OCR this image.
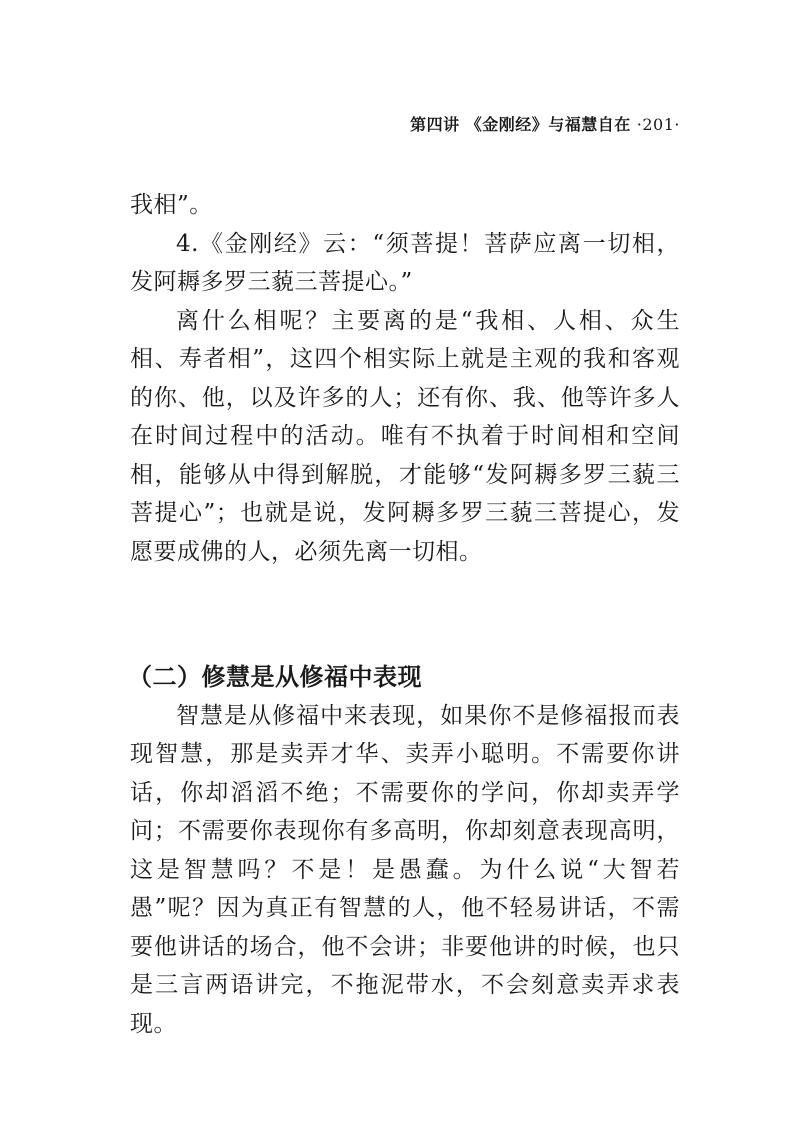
第四讲 《金刚经》与福慧自在 ·201·

我相”。

4.《金刚经》云：“须菩提！菩萨应离一切相，发阿耨多罗三藐三菩提心。”

离什么相呢？主要离的是“我相、人相、众生相、寿者相”，这四个相实际上就是主观的我和客观的你、他，以及许多的人；还有你、我、他等许多人在时间过程中的活动。唯有不执着于时间相和空间相，能够从中得到解脱，才能够“发阿耨多罗三藐三菩提心”；也就是说，发阿耨多罗三藐三菩提心，发愿要成佛的人，必须先离一切相。

（二）修慧是从修福中表现

智慧是从修福中来表现，如果你不是修福报而表现智慧，那是卖弄才华、卖弄小聪明。不需要你讲话，你却滔滔不绝；不需要你的学问，你却卖弄学问；不需要你表现你有多高明，你却刻意表现高明，这是智慧吗？不是！是愚蠢。为什么说“大智若愚”呢？因为真正有智慧的人，他不轻易讲话，不需要他讲话的场合，他不会讲；非要他讲的时候，也只是三言两语讲完，不拖泥带水，不会刻意卖弄求表现。
